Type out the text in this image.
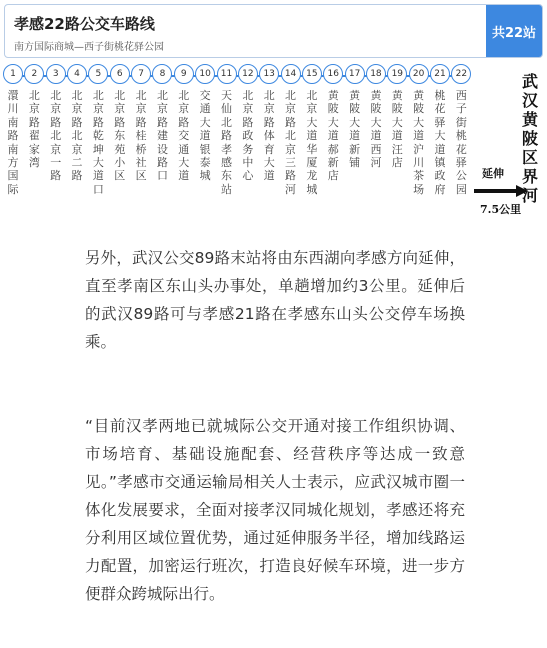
孝感22路公交车路线
南方国际商城—西子街桃花驿公园
共22站
1
澴川南路南方国际
2
北京路翟家湾
3
北京路北京一路
4
北京路北京二路
5
北京路乾坤大道口
6
北京路东苑小区
7
北京路桂桥社区
8
北京路建设路口
9
北京路交通大道
10
交通大道银泰城
11
天仙北路孝感东站
12
北京路政务中心
13
北京路体育大道
14
北京路北京三路河
15
北京大道华厦龙城
16
黄陂大道郝新店
17
黄陂大道新铺
18
黄陂大道西河
19
黄陂大道汪店
20
黄陂大道沪川茶场
21
桃花驿大道镇政府
22
西子街桃花驿公园
延伸
7.5公里
武汉黄陂区界河

另外，武汉公交89路末站将由东西湖向孝感方向延伸，直至孝南区东山头办事处，单趟增加约3公里。延伸后的武汉89路可与孝感21路在孝感东山头公交停车场换乘。

“目前汉孝两地已就城际公交开通对接工作组织协调、市场培育、基础设施配套、经营秩序等达成一致意见。”孝感市交通运输局相关人士表示，应武汉城市圈一体化发展要求，全面对接孝汉同城化规划，孝感还将充分利用区域位置优势，通过延伸服务半径，增加线路运力配置，加密运行班次，打造良好候车环境，进一步方便群众跨城际出行。
